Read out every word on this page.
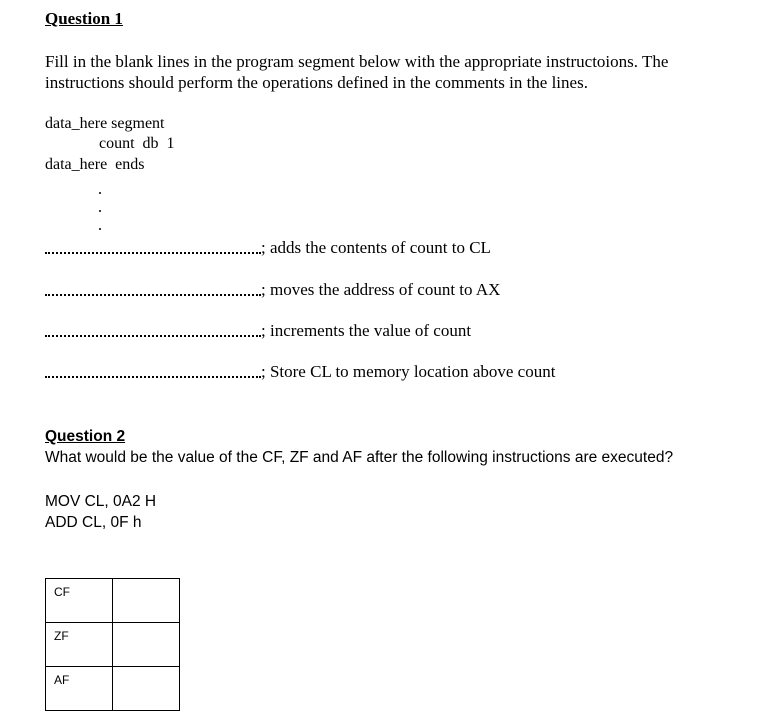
Question 1
Fill in the blank lines in the program segment below with the appropriate instructoions. The
instructions should perform the operations defined in the comments in the lines.
data_here segment
count  db  1
data_here  ends
; adds the contents of count to CL
; moves the address of count to AX
; increments the value of count
; Store CL to memory location above count
Question 2
What would be the value of the CF, ZF and AF after the following instructions are executed?
MOV CL, 0A2 H
ADD CL, 0F h
CF	
ZF	
AF	
